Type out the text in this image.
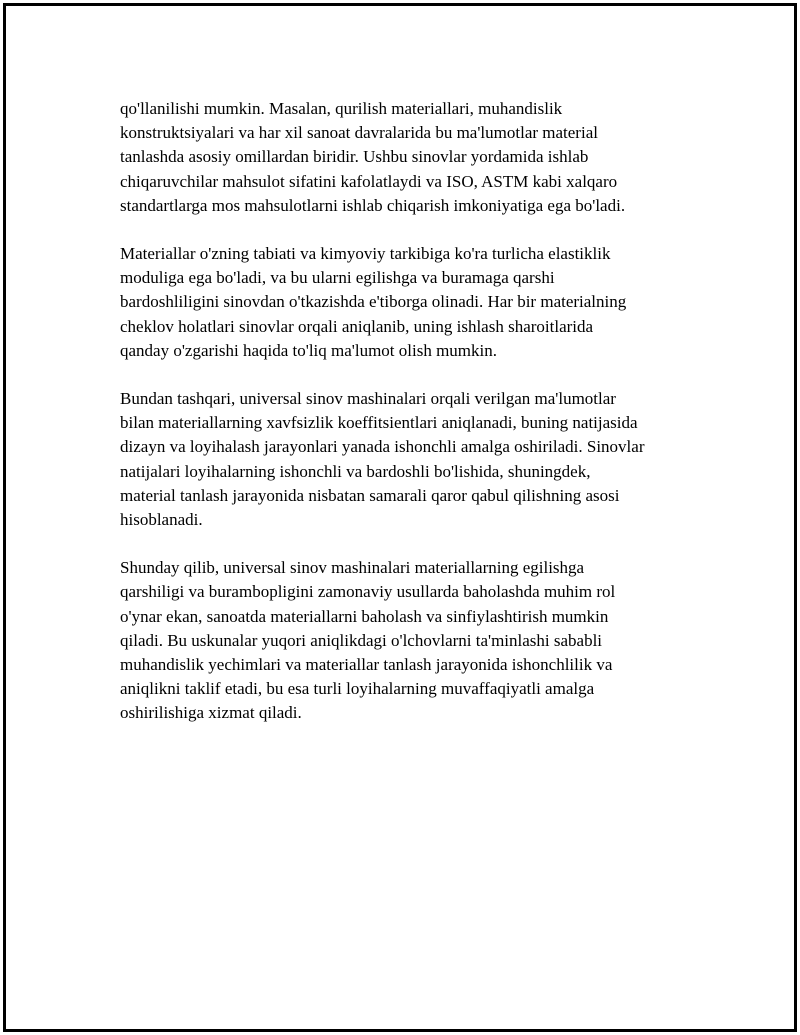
qo'llanilishi mumkin. Masalan, qurilish materiallari, muhandislik
konstruktsiyalari va har xil sanoat davralarida bu ma'lumotlar material
tanlashda asosiy omillardan biridir. Ushbu sinovlar yordamida ishlab
chiqaruvchilar mahsulot sifatini kafolatlaydi va ISO, ASTM kabi xalqaro
standartlarga mos mahsulotlarni ishlab chiqarish imkoniyatiga ega bo'ladi.

Materiallar o'zning tabiati va kimyoviy tarkibiga ko'ra turlicha elastiklik
moduliga ega bo'ladi, va bu ularni egilishga va buramaga qarshi
bardoshliligini sinovdan o'tkazishda e'tiborga olinadi. Har bir materialning
cheklov holatlari sinovlar orqali aniqlanib, uning ishlash sharoitlarida
qanday o'zgarishi haqida to'liq ma'lumot olish mumkin.

Bundan tashqari, universal sinov mashinalari orqali verilgan ma'lumotlar
bilan materiallarning xavfsizlik koeffitsientlari aniqlanadi, buning natijasida
dizayn va loyihalash jarayonlari yanada ishonchli amalga oshiriladi. Sinovlar
natijalari loyihalarning ishonchli va bardoshli bo'lishida, shuningdek,
material tanlash jarayonida nisbatan samarali qaror qabul qilishning asosi
hisoblanadi.

Shunday qilib, universal sinov mashinalari materiallarning egilishga
qarshiligi va burambopligini zamonaviy usullarda baholashda muhim rol
o'ynar ekan, sanoatda materiallarni baholash va sinfiylashtirish mumkin
qiladi. Bu uskunalar yuqori aniqlikdagi o'lchovlarni ta'minlashi sababli
muhandislik yechimlari va materiallar tanlash jarayonida ishonchlilik va
aniqlikni taklif etadi, bu esa turli loyihalarning muvaffaqiyatli amalga
oshirilishiga xizmat qiladi.
